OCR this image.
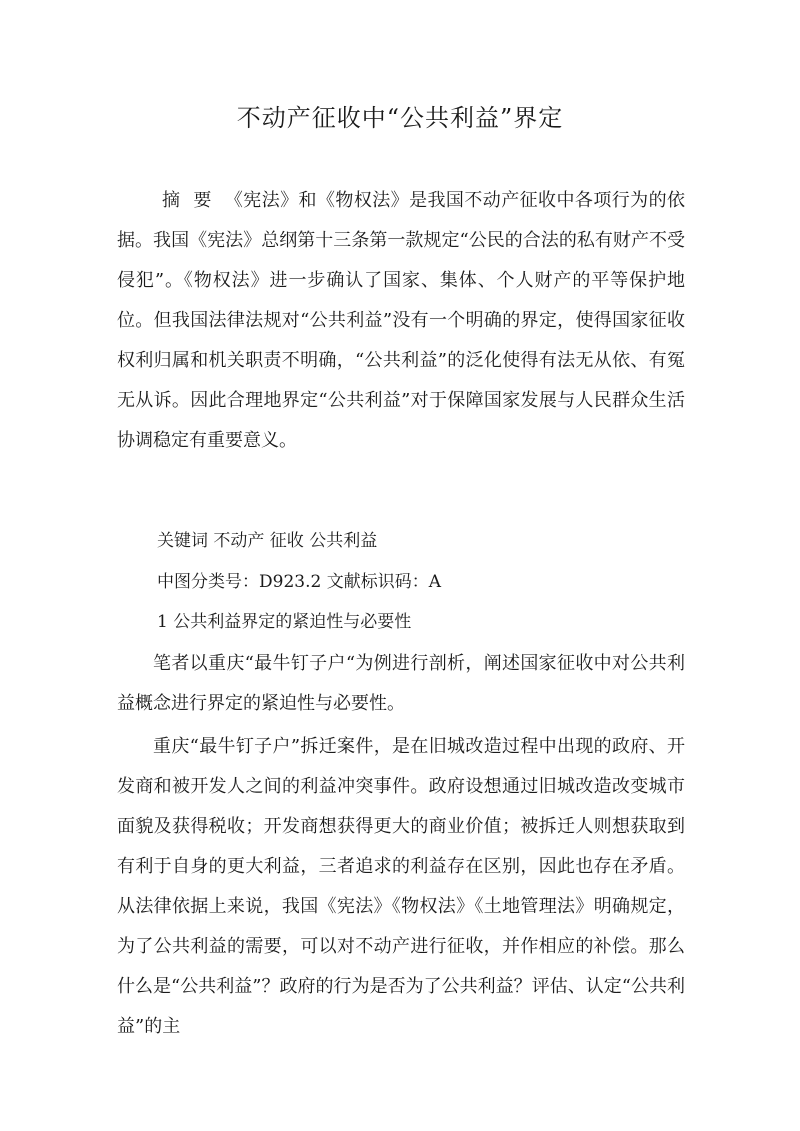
不动产征收中“公共利益”界定

摘要《宪法》和《物权法》是我国不动产征收中各项行为的依据。我国《宪法》总纲第十三条第一款规定“公民的合法的私有财产不受侵犯”。《物权法》进一步确认了国家、集体、个人财产的平等保护地位。但我国法律法规对“公共利益”没有一个明确的界定，使得国家征收权利归属和机关职责不明确，“公共利益”的泛化使得有法无从依、有冤无从诉。因此合理地界定“公共利益”对于保障国家发展与人民群众生活协调稳定有重要意义。

关键词 不动产 征收 公共利益

中图分类号：D923.2 文献标识码：A

1 公共利益界定的紧迫性与必要性

笔者以重庆“最牛钉子户“为例进行剖析，阐述国家征收中对公共利益概念进行界定的紧迫性与必要性。

重庆“最牛钉子户”拆迁案件，是在旧城改造过程中出现的政府、开发商和被开发人之间的利益冲突事件。政府设想通过旧城改造改变城市面貌及获得税收；开发商想获得更大的商业价值；被拆迁人则想获取到有利于自身的更大利益，三者追求的利益存在区别，因此也存在矛盾。从法律依据上来说，我国《宪法》《物权法》《土地管理法》明确规定，为了公共利益的需要，可以对不动产进行征收，并作相应的补偿。那么什么是“公共利益”？政府的行为是否为了公共利益？评估、认定“公共利益”的主
